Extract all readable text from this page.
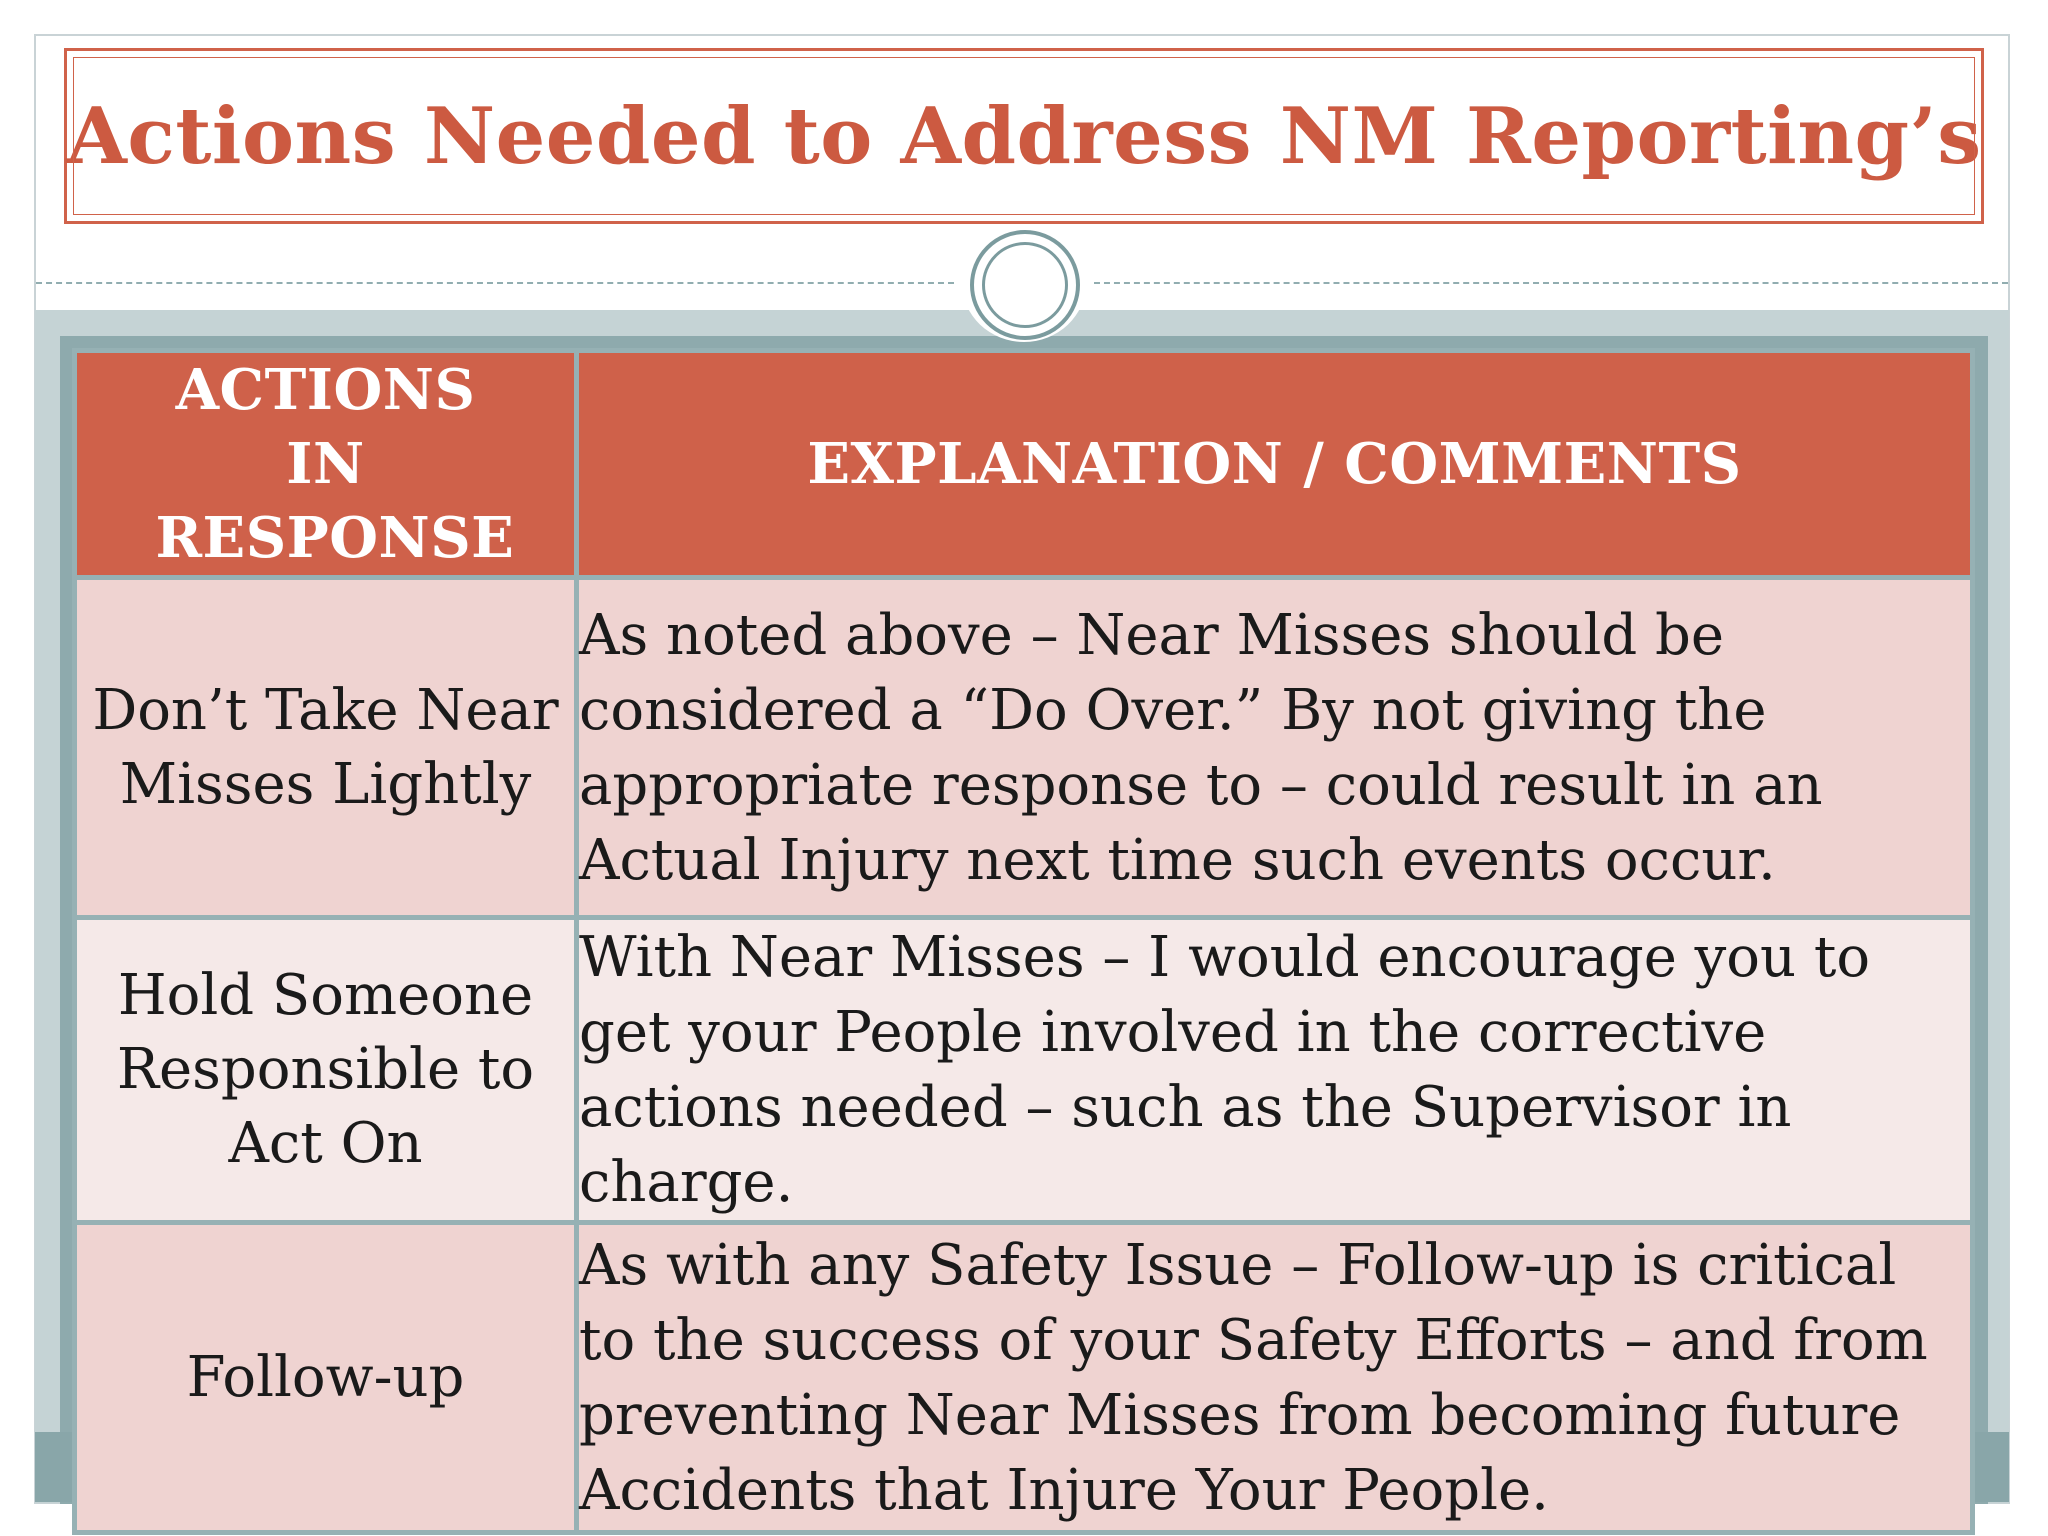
Actions Needed to Address NM Reporting’s
ACTIONS IN RESPONSE	EXPLANATION / COMMENTS
Don’t Take Near Misses Lightly	As noted above – Near Misses should be considered a “Do Over.” By not giving the appropriate response to – could result in an Actual Injury next time such events occur.
Hold Someone Responsible to Act On	With Near Misses – I would encourage you to get your People involved in the corrective actions needed – such as the Supervisor in charge.
Follow-up	As with any Safety Issue – Follow-up is critical to the success of your Safety Efforts – and from preventing Near Misses from becoming future Accidents that Injure Your People.
